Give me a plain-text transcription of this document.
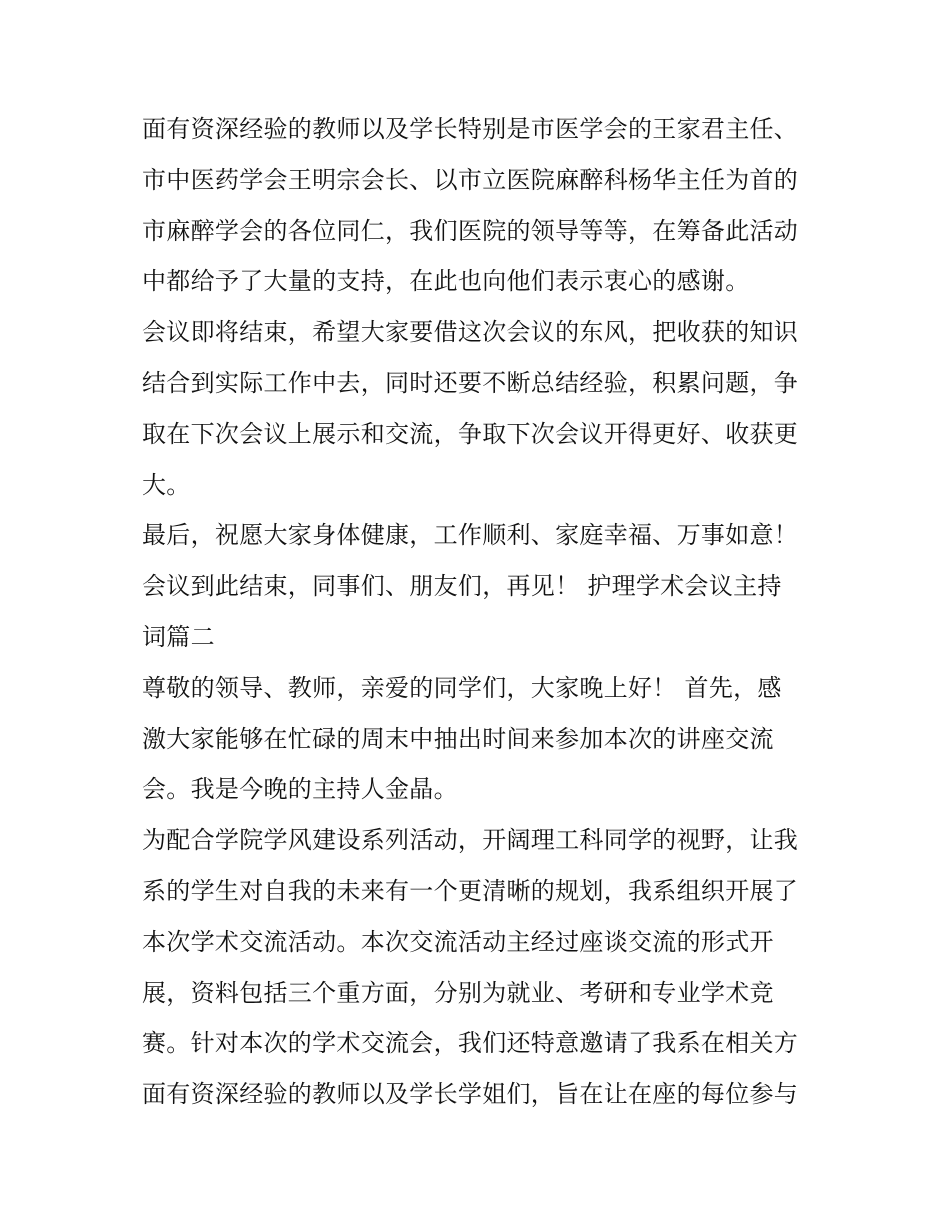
面有资深经验的教师以及学长特别是市医学会的王家君主任、
市中医药学会王明宗会长、以市立医院麻醉科杨华主任为首的
市麻醉学会的各位同仁，我们医院的领导等等，在筹备此活动
中都给予了大量的支持，在此也向他们表示衷心的感谢。
会议即将结束，希望大家要借这次会议的东风，把收获的知识
结合到实际工作中去，同时还要不断总结经验，积累问题，争
取在下次会议上展示和交流，争取下次会议开得更好、收获更
大。
最后，祝愿大家身体健康，工作顺利、家庭幸福、万事如意！
会议到此结束，同事们、朋友们，再见！ 护理学术会议主持
词篇二
尊敬的领导、教师，亲爱的同学们，大家晚上好！ 首先，感
激大家能够在忙碌的周末中抽出时间来参加本次的讲座交流
会。我是今晚的主持人金晶。
为配合学院学风建设系列活动，开阔理工科同学的视野，让我
系的学生对自我的未来有一个更清晰的规划，我系组织开展了
本次学术交流活动。本次交流活动主经过座谈交流的形式开
展，资料包括三个重方面，分别为就业、考研和专业学术竞
赛。针对本次的学术交流会，我们还特意邀请了我系在相关方
面有资深经验的教师以及学长学姐们，旨在让在座的每位参与
